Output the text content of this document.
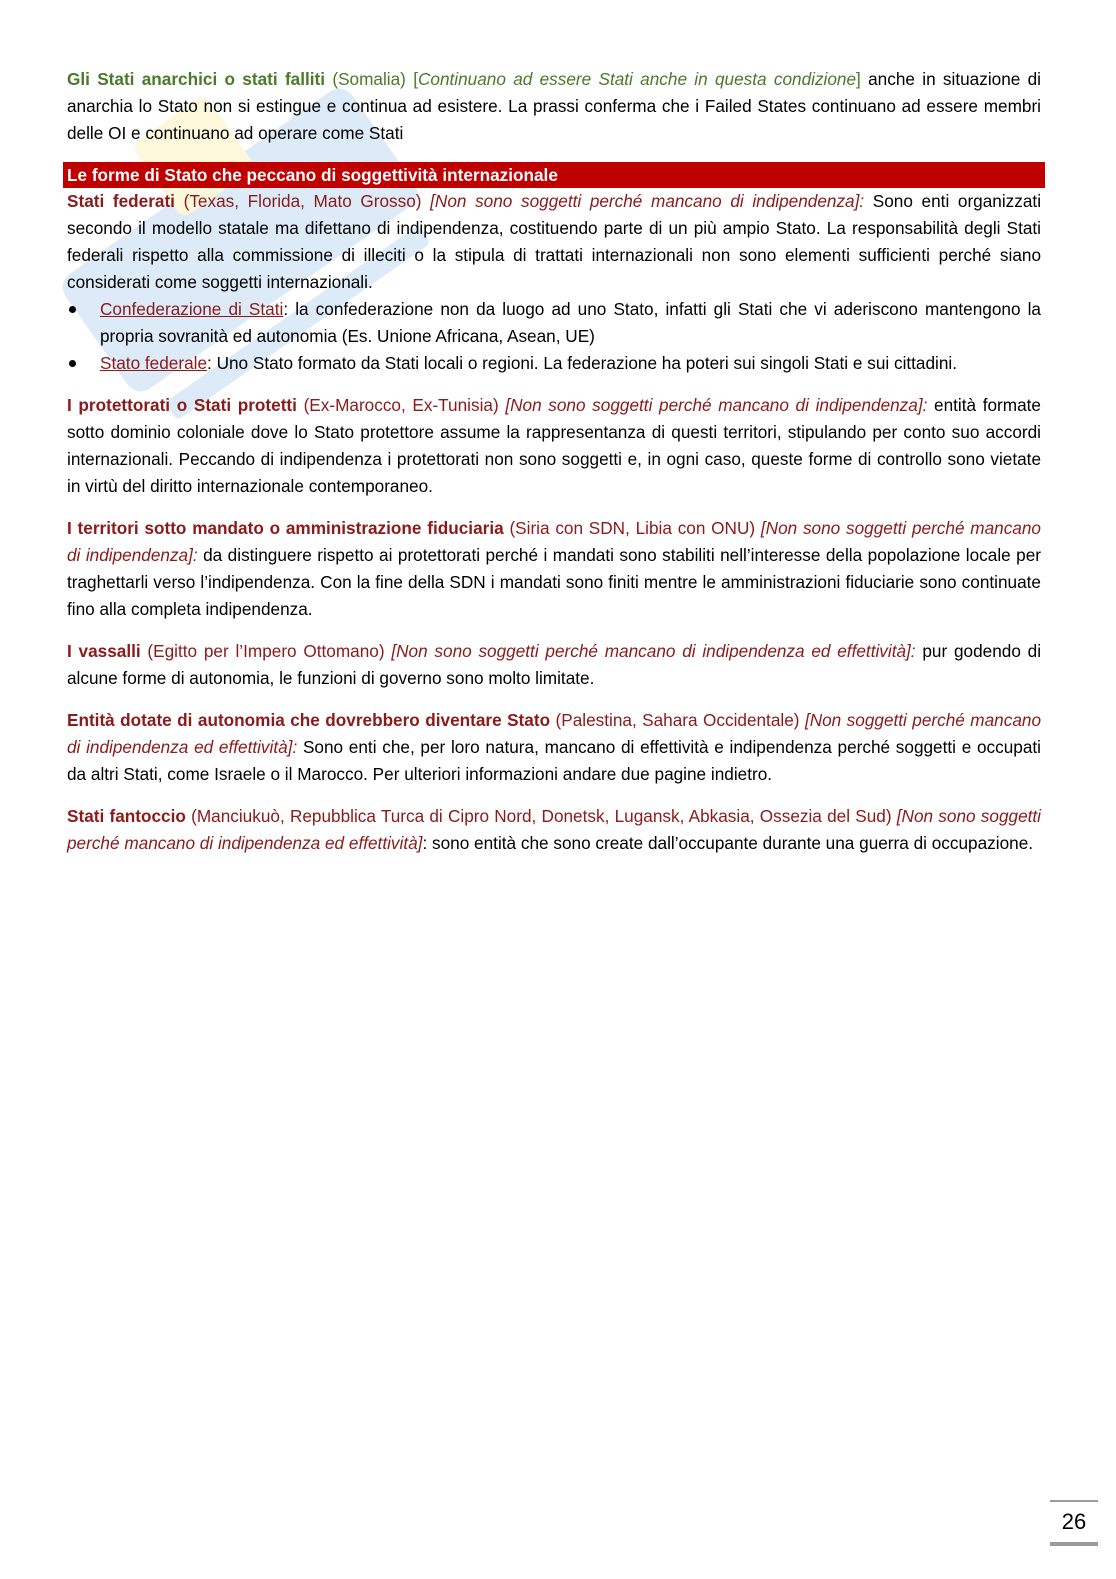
Gli Stati anarchici o stati falliti (Somalia) [Continuano ad essere Stati anche in questa condizione] anche in situazione di anarchia lo Stato non si estingue e continua ad esistere. La prassi conferma che i Failed States continuano ad essere membri delle OI e continuano ad operare come Stati

Le forme di Stato che peccano di soggettività internazionale

Stati federati (Texas, Florida, Mato Grosso) [Non sono soggetti perché mancano di indipendenza]: Sono enti organizzati secondo il modello statale ma difettano di indipendenza, costituendo parte di un più ampio Stato. La responsabilità degli Stati federali rispetto alla commissione di illeciti o la stipula di trattati internazionali non sono elementi sufficienti perché siano considerati come soggetti internazionali.

Confederazione di Stati: la confederazione non da luogo ad uno Stato, infatti gli Stati che vi aderiscono mantengono la propria sovranità ed autonomia (Es. Unione Africana, Asean, UE)
Stato federale: Uno Stato formato da Stati locali o regioni. La federazione ha poteri sui singoli Stati e sui cittadini.

I protettorati o Stati protetti (Ex-Marocco, Ex-Tunisia) [Non sono soggetti perché mancano di indipendenza]: entità formate sotto dominio coloniale dove lo Stato protettore assume la rappresentanza di questi territori, stipulando per conto suo accordi internazionali. Peccando di indipendenza i protettorati non sono soggetti e, in ogni caso, queste forme di controllo sono vietate in virtù del diritto internazionale contemporaneo.

I territori sotto mandato o amministrazione fiduciaria (Siria con SDN, Libia con ONU) [Non sono soggetti perché mancano di indipendenza]: da distinguere rispetto ai protettorati perché i mandati sono stabiliti nell’interesse della popolazione locale per traghettarli verso l’indipendenza. Con la fine della SDN i mandati sono finiti mentre le amministrazioni fiduciarie sono continuate fino alla completa indipendenza.

I vassalli (Egitto per l’Impero Ottomano) [Non sono soggetti perché mancano di indipendenza ed effettività]: pur godendo di alcune forme di autonomia, le funzioni di governo sono molto limitate.

Entità dotate di autonomia che dovrebbero diventare Stato (Palestina, Sahara Occidentale) [Non soggetti perché mancano di indipendenza ed effettività]: Sono enti che, per loro natura, mancano di effettività e indipendenza perché soggetti e occupati da altri Stati, come Israele o il Marocco. Per ulteriori informazioni andare due pagine indietro.

Stati fantoccio (Manciukuò, Repubblica Turca di Cipro Nord, Donetsk, Lugansk, Abkasia, Ossezia del Sud) [Non sono soggetti perché mancano di indipendenza ed effettività]: sono entità che sono create dall’occupante durante una guerra di occupazione.

26
